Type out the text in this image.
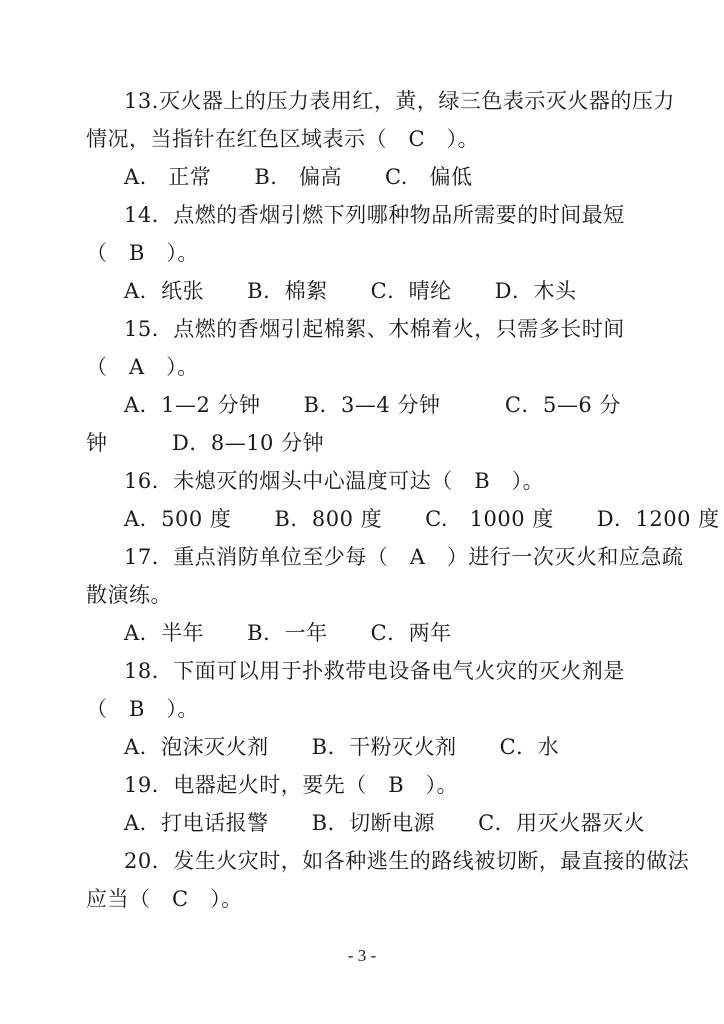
13.灭火器上的压力表用红，黄，绿三色表示灭火器的压力
情况，当指针在红色区域表示（　C　）。
A.　正常　　B.　偏高　　C.　偏低
14．点燃的香烟引燃下列哪种物品所需要的时间最短
（　B　）。
A．纸张　　B．棉絮　　C．晴纶　　D．木头
15．点燃的香烟引起棉絮、木棉着火，只需多长时间
（　A　）。
A．1—2 分钟　　B．3—4 分钟　　　C．5—6 分
钟　　　D．8—10 分钟
16．未熄灭的烟头中心温度可达（　B　）。
A．500 度　　B．800 度　　C.　1000 度　　D．1200 度
17．重点消防单位至少每（　A　）进行一次灭火和应急疏
散演练。
A．半年　　B．一年　　C．两年
18．下面可以用于扑救带电设备电气火灾的灭火剂是
（　B　）。
A．泡沫灭火剂　　B．干粉灭火剂　　C．水
19．电器起火时，要先（　B　）。
A．打电话报警　　B．切断电源　　C．用灭火器灭火
20．发生火灾时，如各种逃生的路线被切断，最直接的做法
应当（　C　）。
- 3 -
